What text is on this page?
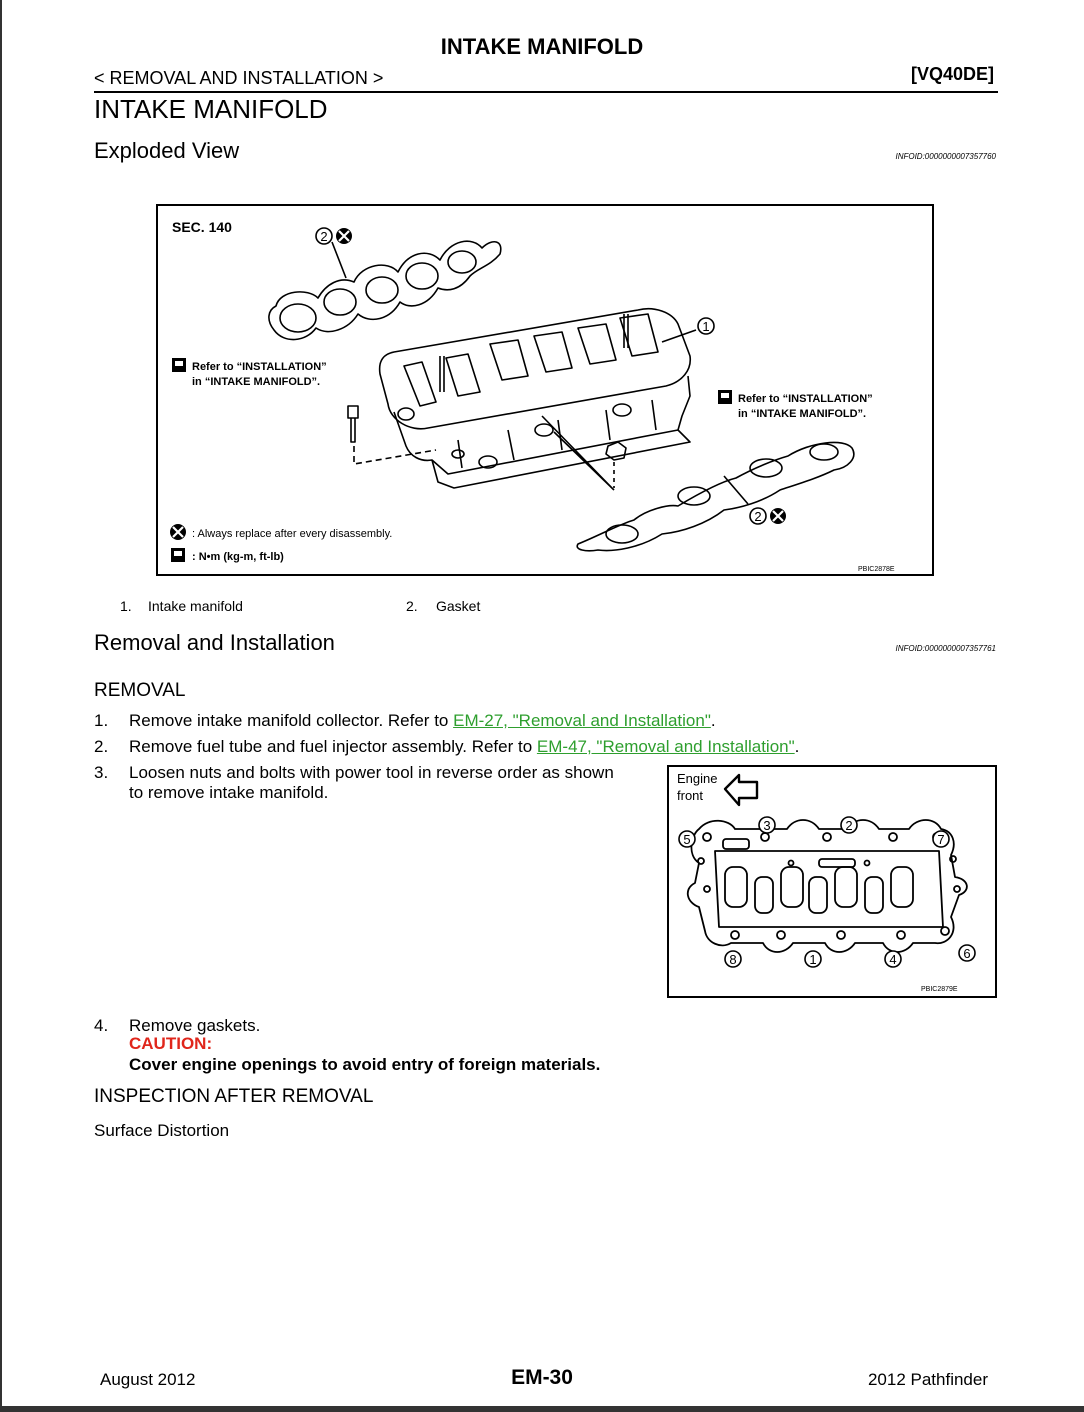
INTAKE MANIFOLD
< REMOVAL AND INSTALLATION >	[VQ40DE]
INTAKE MANIFOLD
Exploded View	INFOID:0000000007357760
2
1
2
SEC. 140
Refer to “INSTALLATION”
in “INTAKE MANIFOLD”.
Refer to “INSTALLATION”
in “INTAKE MANIFOLD”.
: Always replace after every disassembly.
: N•m (kg-m, ft-lb)
PBIC2878E
1. Intake manifold	2. Gasket
Removal and Installation	INFOID:0000000007357761
REMOVAL
1. Remove intake manifold collector. Refer to EM-27, "Removal and Installation".
2. Remove fuel tube and fuel injector assembly. Refer to EM-47, "Removal and Installation".
3. Loosen nuts and bolts with power tool in reverse order as shown
to remove intake manifold.
Engine
front
5
3	2
7
8	1	4	6
PBIC2879E
4. Remove gaskets.
CAUTION:
Cover engine openings to avoid entry of foreign materials.
INSPECTION AFTER REMOVAL
Surface Distortion
August 2012	EM-30	2012 Pathfinder
